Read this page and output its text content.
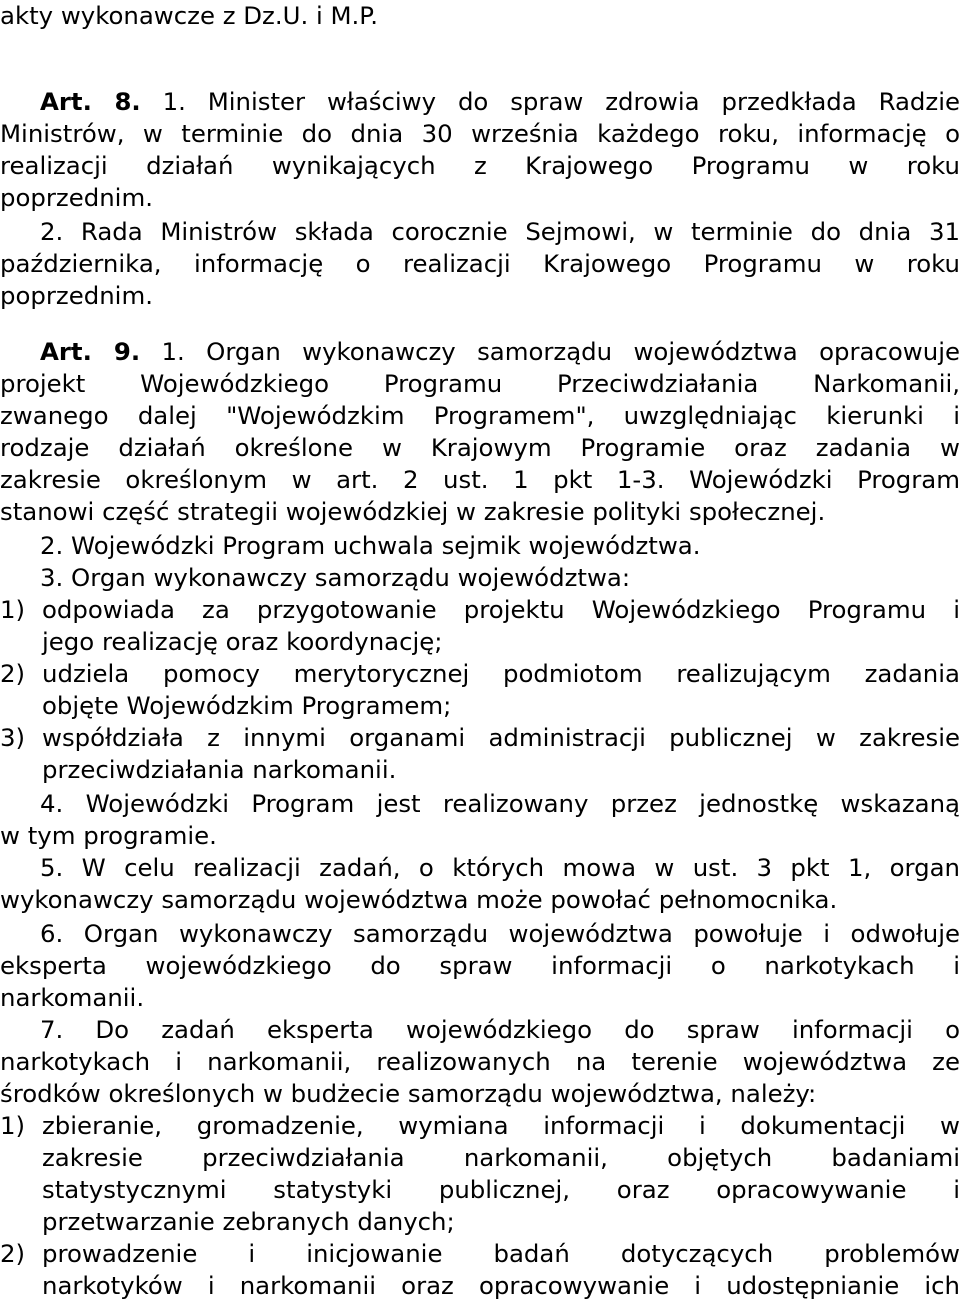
akty wykonawcze z Dz.U. i M.P.
Art. 8. 1. Minister właściwy do spraw zdrowia przedkłada Radzie
Ministrów, w terminie do dnia 30 września każdego roku, informację o
realizacji działań wynikających z Krajowego Programu w roku
poprzednim.
2. Rada Ministrów składa corocznie Sejmowi, w terminie do dnia 31
października, informację o realizacji Krajowego Programu w roku
poprzednim.
Art. 9. 1. Organ wykonawczy samorządu województwa opracowuje
projekt Wojewódzkiego Programu Przeciwdziałania Narkomanii,
zwanego dalej "Wojewódzkim Programem", uwzględniając kierunki i
rodzaje działań określone w Krajowym Programie oraz zadania w
zakresie określonym w art. 2 ust. 1 pkt 1-3. Wojewódzki Program
stanowi część strategii wojewódzkiej w zakresie polityki społecznej.
2. Wojewódzki Program uchwala sejmik województwa.
3. Organ wykonawczy samorządu województwa:
1) odpowiada za przygotowanie projektu Wojewódzkiego Programu i
jego realizację oraz koordynację;
2) udziela pomocy merytorycznej podmiotom realizującym zadania
objęte Wojewódzkim Programem;
3) współdziała z innymi organami administracji publicznej w zakresie
przeciwdziałania narkomanii.
4. Wojewódzki Program jest realizowany przez jednostkę wskazaną
w tym programie.
5. W celu realizacji zadań, o których mowa w ust. 3 pkt 1, organ
wykonawczy samorządu województwa może powołać pełnomocnika.
6. Organ wykonawczy samorządu województwa powołuje i odwołuje
eksperta wojewódzkiego do spraw informacji o narkotykach i
narkomanii.
7. Do zadań eksperta wojewódzkiego do spraw informacji o
narkotykach i narkomanii, realizowanych na terenie województwa ze
środków określonych w budżecie samorządu województwa, należy:
1) zbieranie, gromadzenie, wymiana informacji i dokumentacji w
zakresie przeciwdziałania narkomanii, objętych badaniami
statystycznymi statystyki publicznej, oraz opracowywanie i
przetwarzanie zebranych danych;
2) prowadzenie i inicjowanie badań dotyczących problemów
narkotyków i narkomanii oraz opracowywanie i udostępnianie ich
